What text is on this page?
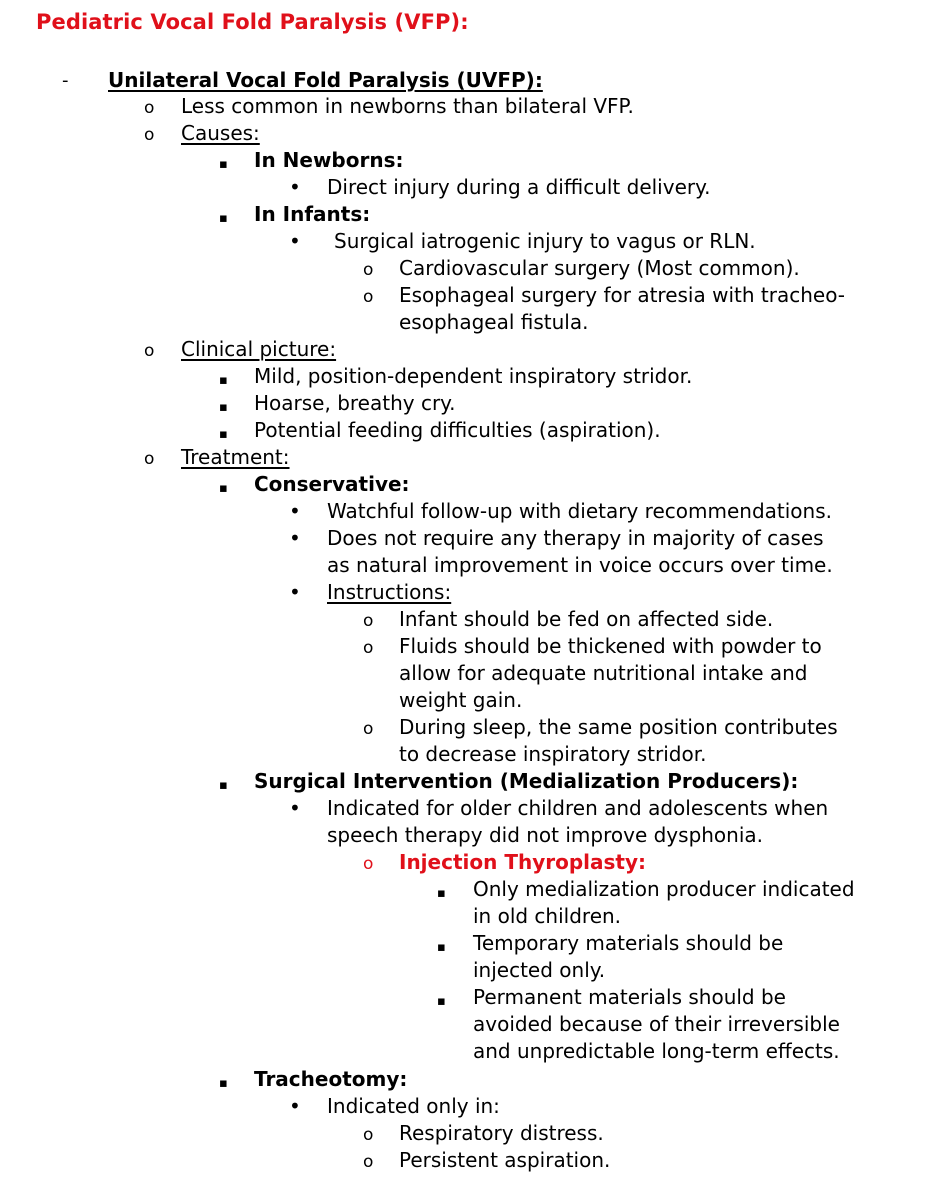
Pediatric Vocal Fold Paralysis (VFP):
- Unilateral Vocal Fold Paralysis (UVFP):
o Less common in newborns than bilateral VFP.
o Causes:
▪ In Newborns:
• Direct injury during a difficult delivery.
▪ In Infants:
• Surgical iatrogenic injury to vagus or RLN.
o Cardiovascular surgery (Most common).
o Esophageal surgery for atresia with tracheo-
esophageal fistula.
o Clinical picture:
▪ Mild, position-dependent inspiratory stridor.
▪ Hoarse, breathy cry.
▪ Potential feeding difficulties (aspiration).
o Treatment:
▪ Conservative:
• Watchful follow-up with dietary recommendations.
• Does not require any therapy in majority of cases
as natural improvement in voice occurs over time.
• Instructions:
o Infant should be fed on affected side.
o Fluids should be thickened with powder to
allow for adequate nutritional intake and
weight gain.
o During sleep, the same position contributes
to decrease inspiratory stridor.
▪ Surgical Intervention (Medialization Producers):
• Indicated for older children and adolescents when
speech therapy did not improve dysphonia.
o Injection Thyroplasty:
▪ Only medialization producer indicated
in old children.
▪ Temporary materials should be
injected only.
▪ Permanent materials should be
avoided because of their irreversible
and unpredictable long-term effects.
▪ Tracheotomy:
• Indicated only in:
o Respiratory distress.
o Persistent aspiration.
